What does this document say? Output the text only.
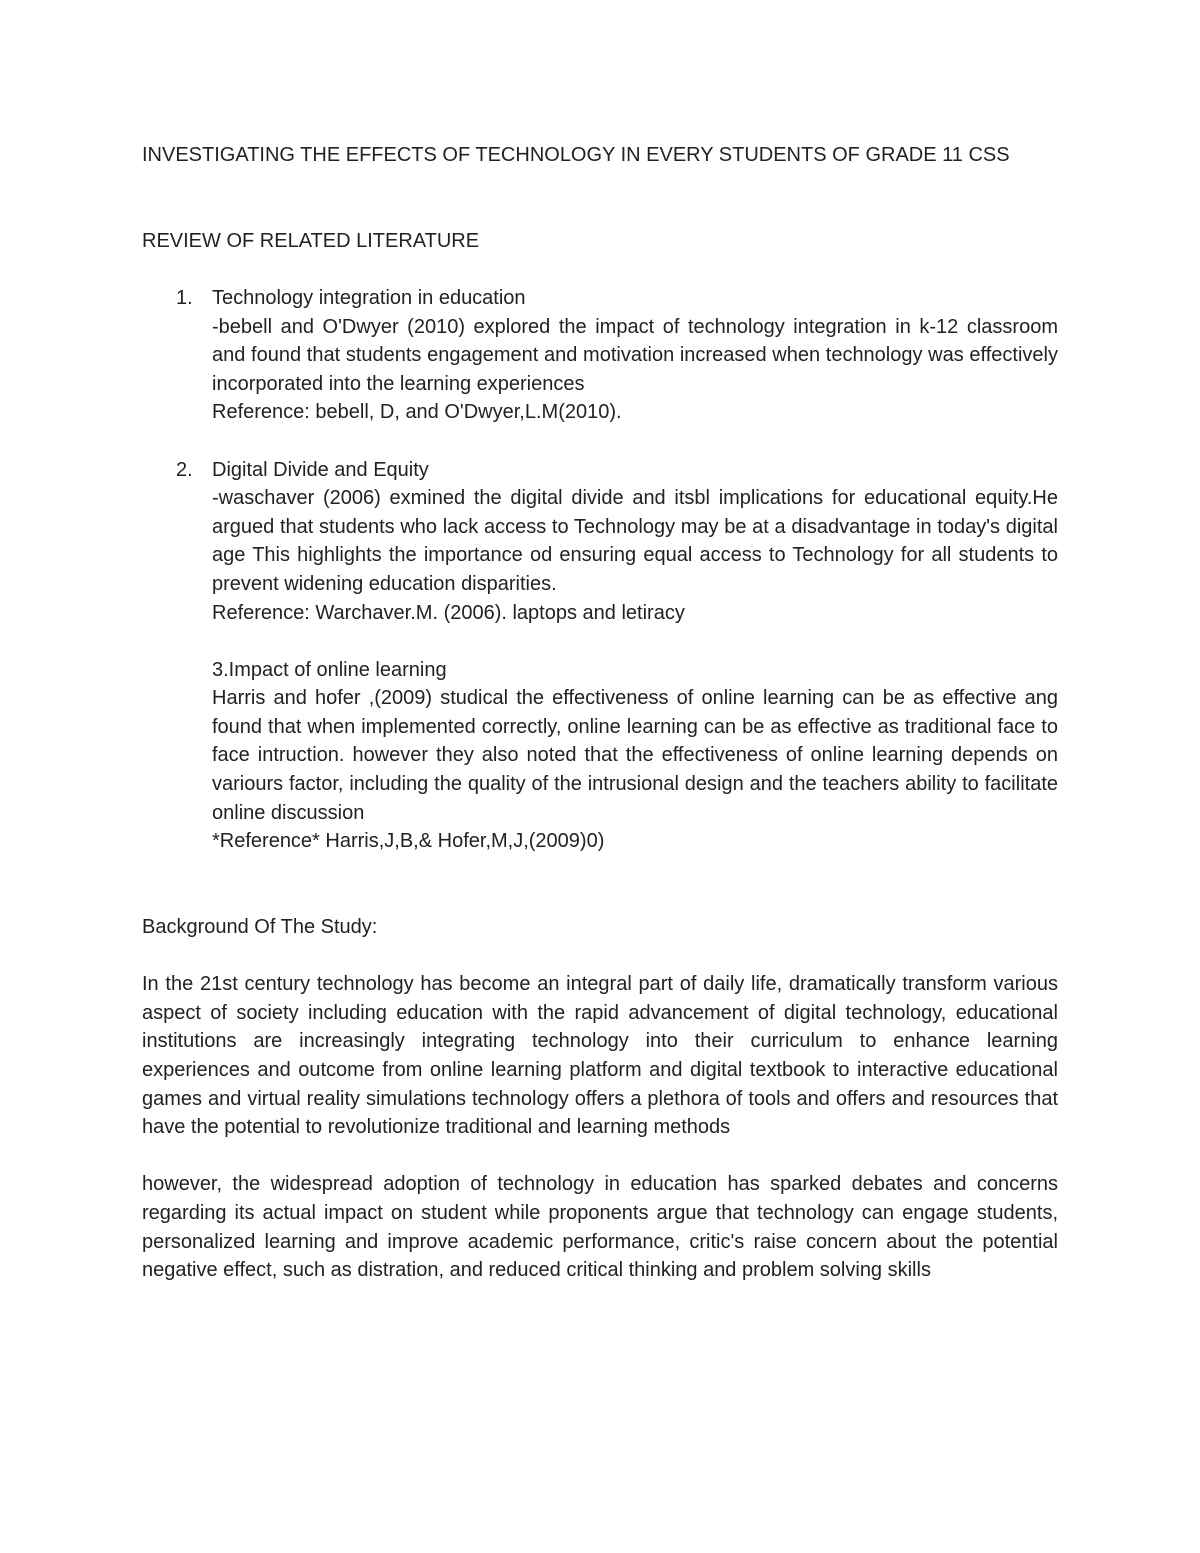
INVESTIGATING THE EFFECTS OF TECHNOLOGY IN EVERY STUDENTS OF GRADE 11 CSS

REVIEW OF RELATED LITERATURE

1. Technology integration in education

-bebell and O'Dwyer (2010) explored the impact of technology integration in k-12 classroom and found that students engagement and motivation increased when technology was effectively incorporated into the learning experiences

Reference: bebell, D, and O'Dwyer,L.M(2010).

2. Digital Divide and Equity

-waschaver (2006) exmined the digital divide and itsbl implications for educational equity.He argued that students who lack access to Technology may be at a disadvantage in today's digital age This highlights the importance od ensuring equal access to Technology for all students to prevent widening education disparities.

Reference: Warchaver.M. (2006). laptops and letiracy

3.Impact of online learning

Harris and hofer ,(2009) studical the effectiveness of online learning can be as effective ang found that when implemented correctly, online learning can be as effective as traditional face to face intruction. however they also noted that the effectiveness of online learning depends on variours factor, including the quality of the intrusional design and the teachers ability to facilitate online discussion

*Reference* Harris,J,B,& Hofer,M,J,(2009)0)

Background Of The Study:

In the 21st century technology has become an integral part of daily life, dramatically transform various aspect of society including education with the rapid advancement of digital technology, educational institutions are increasingly integrating technology into their curriculum to enhance learning experiences and outcome from online learning platform and digital textbook to interactive educational games and virtual reality simulations technology offers a plethora of tools and offers and resources that have the potential to revolutionize traditional and learning methods

however, the widespread adoption of technology in education has sparked debates and concerns regarding its actual impact on student while proponents argue that technology can engage students, personalized learning and improve academic performance, critic's raise concern about the potential negative effect, such as distration, and reduced critical thinking and problem solving skills
